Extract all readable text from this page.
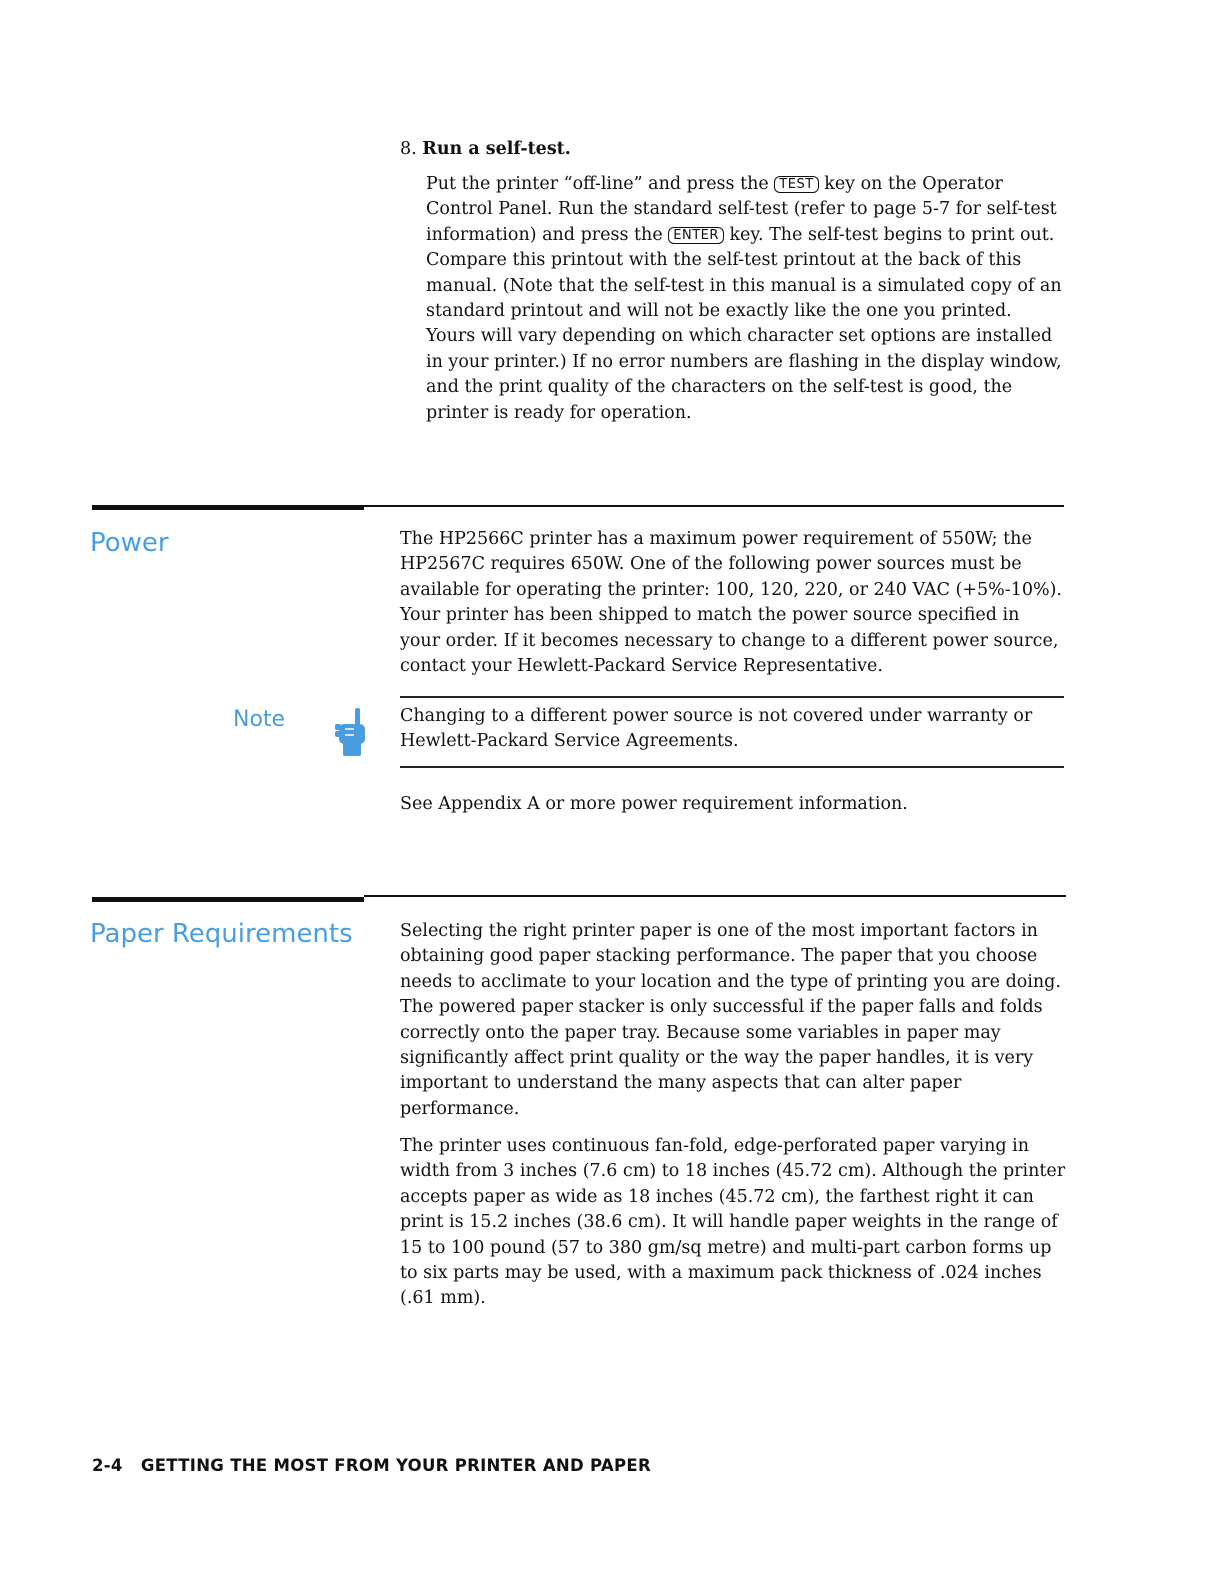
8. Run a self-test.

Put the printer “off-line” and press the TEST key on the Operator Control Panel. Run the standard self-test (refer to page 5-7 for self-test information) and press the ENTER key. The self-test begins to print out. Compare this printout with the self-test printout at the back of this manual. (Note that the self-test in this manual is a simulated copy of an standard printout and will not be exactly like the one you printed. Yours will vary depending on which character set options are installed in your printer.) If no error numbers are flashing in the display window, and the print quality of the characters on the self-test is good, the printer is ready for operation.

Power	The HP2566C printer has a maximum power requirement of 550W; the HP2567C requires 650W. One of the following power sources must be available for operating the printer: 100, 120, 220, or 240 VAC (+5%-10%). Your printer has been shipped to match the power source specified in your order. If it becomes necessary to change to a different power source, contact your Hewlett-Packard Service Representative.

Note	Changing to a different power source is not covered under warranty or Hewlett-Packard Service Agreements.

See Appendix A or more power requirement information.

Paper Requirements	Selecting the right printer paper is one of the most important factors in obtaining good paper stacking performance. The paper that you choose needs to acclimate to your location and the type of printing you are doing. The powered paper stacker is only successful if the paper falls and folds correctly onto the paper tray. Because some variables in paper may significantly affect print quality or the way the paper handles, it is very important to understand the many aspects that can alter paper performance.

The printer uses continuous fan-fold, edge-perforated paper varying in width from 3 inches (7.6 cm) to 18 inches (45.72 cm). Although the printer accepts paper as wide as 18 inches (45.72 cm), the farthest right it can print is 15.2 inches (38.6 cm). It will handle paper weights in the range of 15 to 100 pound (57 to 380 gm/sq metre) and multi-part carbon forms up to six parts may be used, with a maximum pack thickness of .024 inches (.61 mm).

2-4 GETTING THE MOST FROM YOUR PRINTER AND PAPER
